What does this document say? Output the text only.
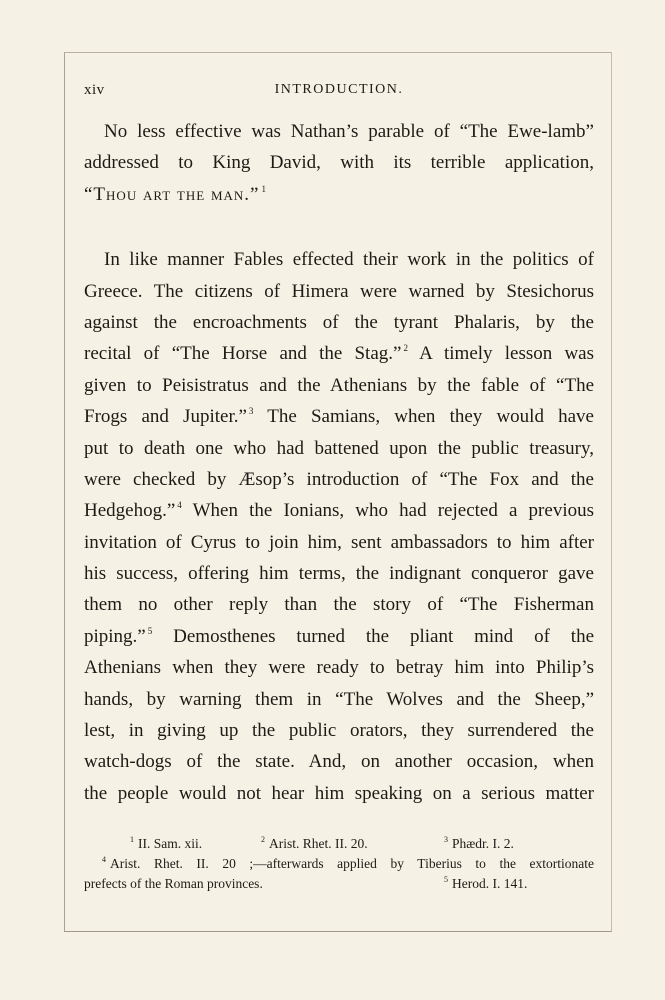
xiv	INTRODUCTION.
No less effective was Nathan’s parable of “The Ewe-lamb”
addressed to King David, with its terrible application,
“Thou art the man.” $^1$
In like manner Fables effected their work in the politics of
Greece. The citizens of Himera were warned by Stesichorus
against the encroachments of the tyrant Phalaris, by the
recital of “The Horse and the Stag.” $^2$ A timely lesson was
given to Peisistratus and the Athenians by the fable of “The
Frogs and Jupiter.” $^3$ The Samians, when they would have
put to death one who had battened upon the public treasury,
were checked by Æsop’s introduction of “The Fox and the
Hedgehog.” $^4$ When the Ionians, who had rejected a previous
invitation of Cyrus to join him, sent ambassadors to him after
his success, offering him terms, the indignant conqueror gave
them no other reply than the story of “The Fisherman
piping.” $^5$ Demosthenes turned the pliant mind of the
Athenians when they were ready to betray him into Philip’s
hands, by warning them in “The Wolves and the Sheep,”
lest, in giving up the public orators, they surrendered the
watch-dogs of the state. And, on another occasion, when
the people would not hear him speaking on a serious matter
$^1$ II. Sam. xii.	$^2$ Arist. Rhet. II. 20.	$^3$ Phædr. I. 2.
$^4$ Arist. Rhet. II. 20 ;—afterwards applied by Tiberius to the extortionate
prefects of the Roman provinces.	$^5$ Herod. I. 141.
